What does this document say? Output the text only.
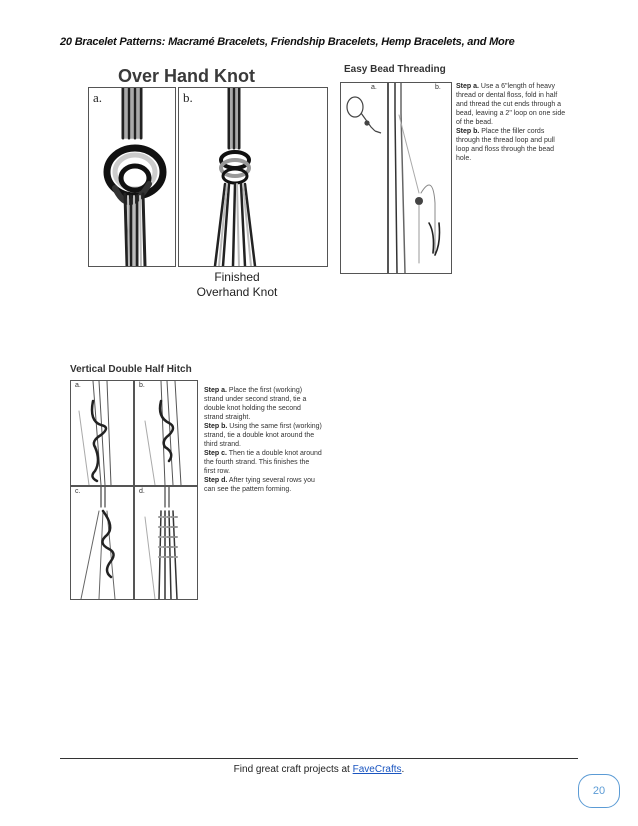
20 Bracelet Patterns: Macramé Bracelets, Friendship Bracelets, Hemp Bracelets, and More
Over Hand Knot
a.	b.
Finished
Overhand Knot
Easy Bead Threading
a.	b. Step a. Use a 6"length of heavy thread or dental floss, fold in half and thread the cut ends through a bead, leaving a 2" loop on one side of the bead.

Step b. Place the filler cords through the thread loop and pull loop and floss through the bead hole.

Vertical Double Half Hitch
a.	b.
c.	d.

Step a. Place the first (working) strand under second strand, tie a double knot holding the second strand straight.

Step b. Using the same first (working) strand, tie a double knot around the third strand.

Step c. Then tie a double knot around the fourth strand. This finishes the first row.

Step d. After tying several rows you can see the pattern forming.

Find great craft projects at FaveCrafts.
20
